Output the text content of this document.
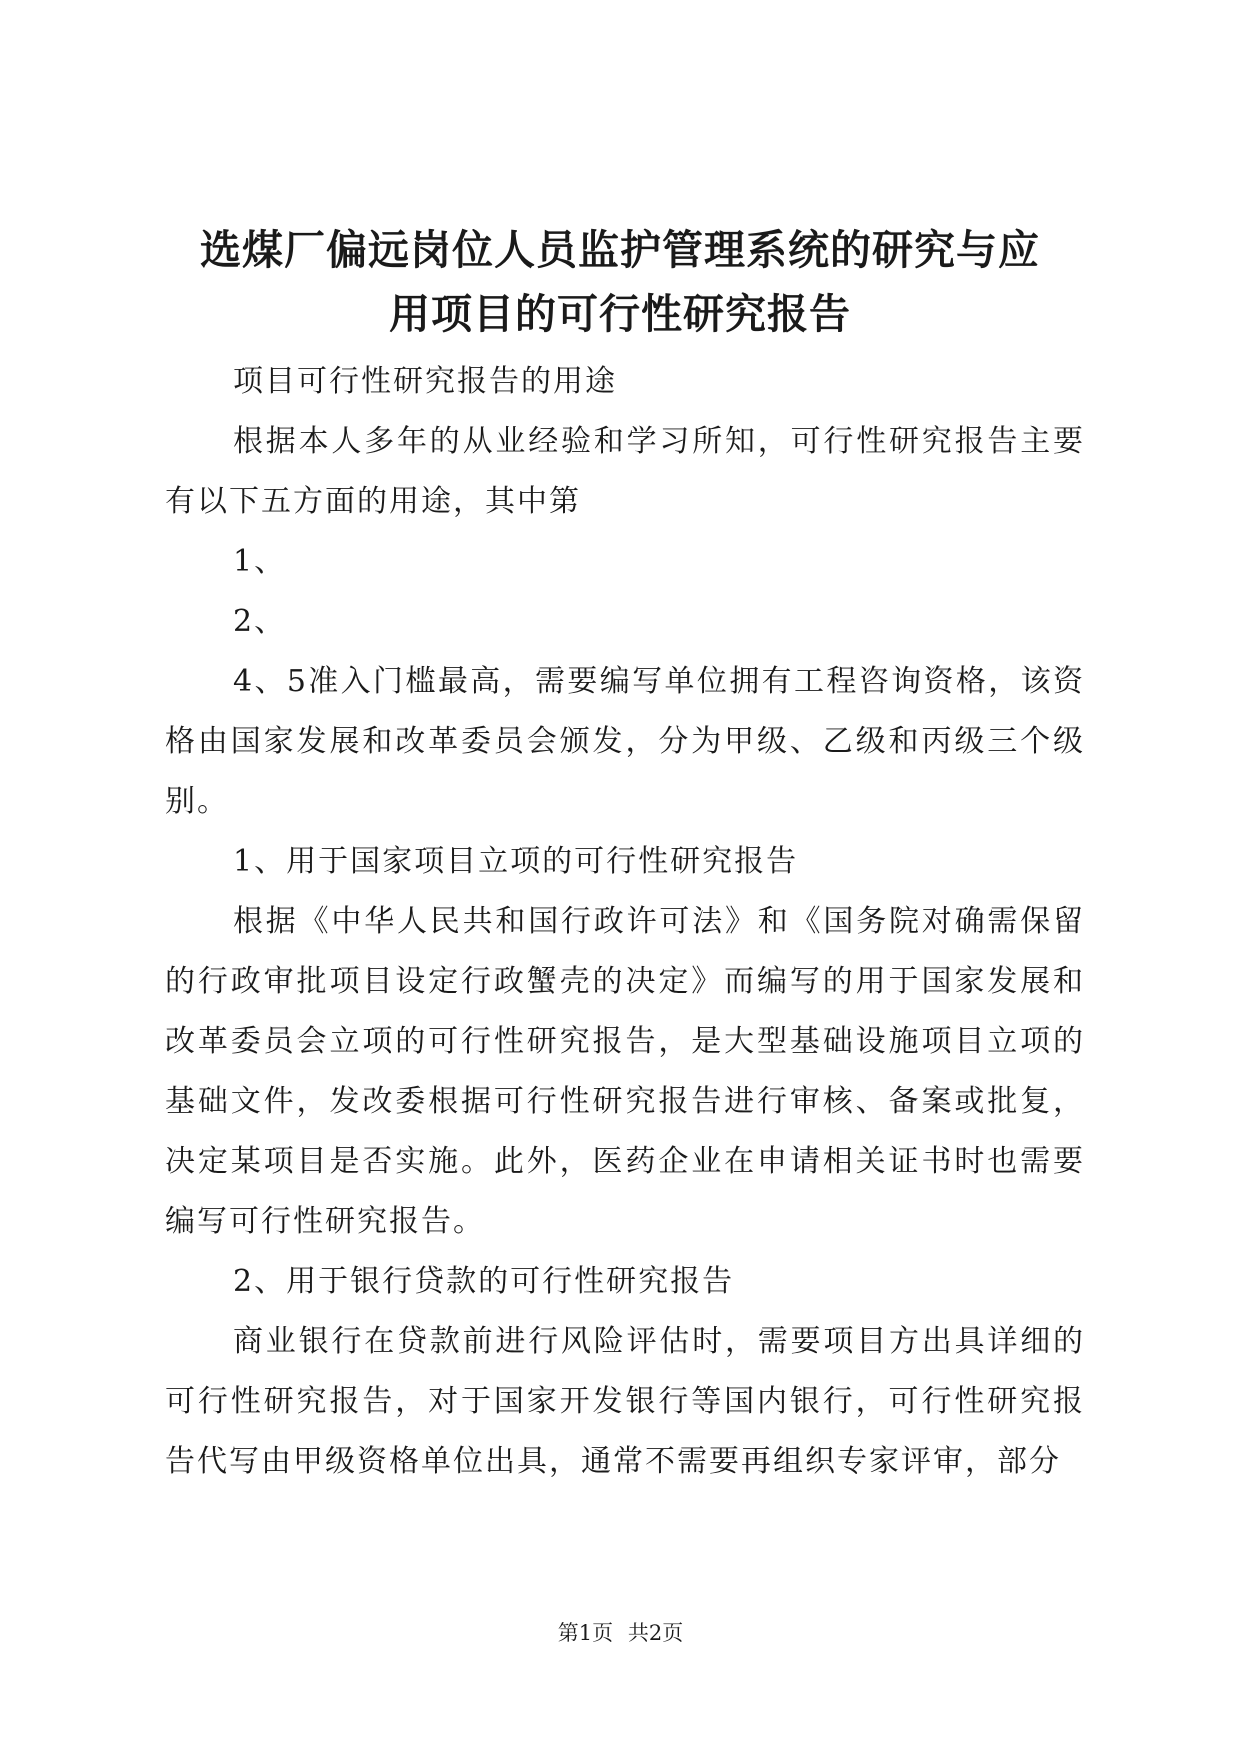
选煤厂偏远岗位人员监护管理系统的研究与应
用项目的可行性研究报告

项目可行性研究报告的用途

根据本人多年的从业经验和学习所知，可行性研究报告主要有以下五方面的用途，其中第

1、

2、

4、5准入门槛最高，需要编写单位拥有工程咨询资格，该资格由国家发展和改革委员会颁发，分为甲级、乙级和丙级三个级别。

1、用于国家项目立项的可行性研究报告

根据《中华人民共和国行政许可法》和《国务院对确需保留的行政审批项目设定行政蟹壳的决定》而编写的用于国家发展和改革委员会立项的可行性研究报告，是大型基础设施项目立项的基础文件，发改委根据可行性研究报告进行审核、备案或批复，决定某项目是否实施。此外，医药企业在申请相关证书时也需要编写可行性研究报告。

2、用于银行贷款的可行性研究报告

商业银行在贷款前进行风险评估时，需要项目方出具详细的可行性研究报告，对于国家开发银行等国内银行，可行性研究报告代写由甲级资格单位出具，通常不需要再组织专家评审，部分

第1页 共2页
